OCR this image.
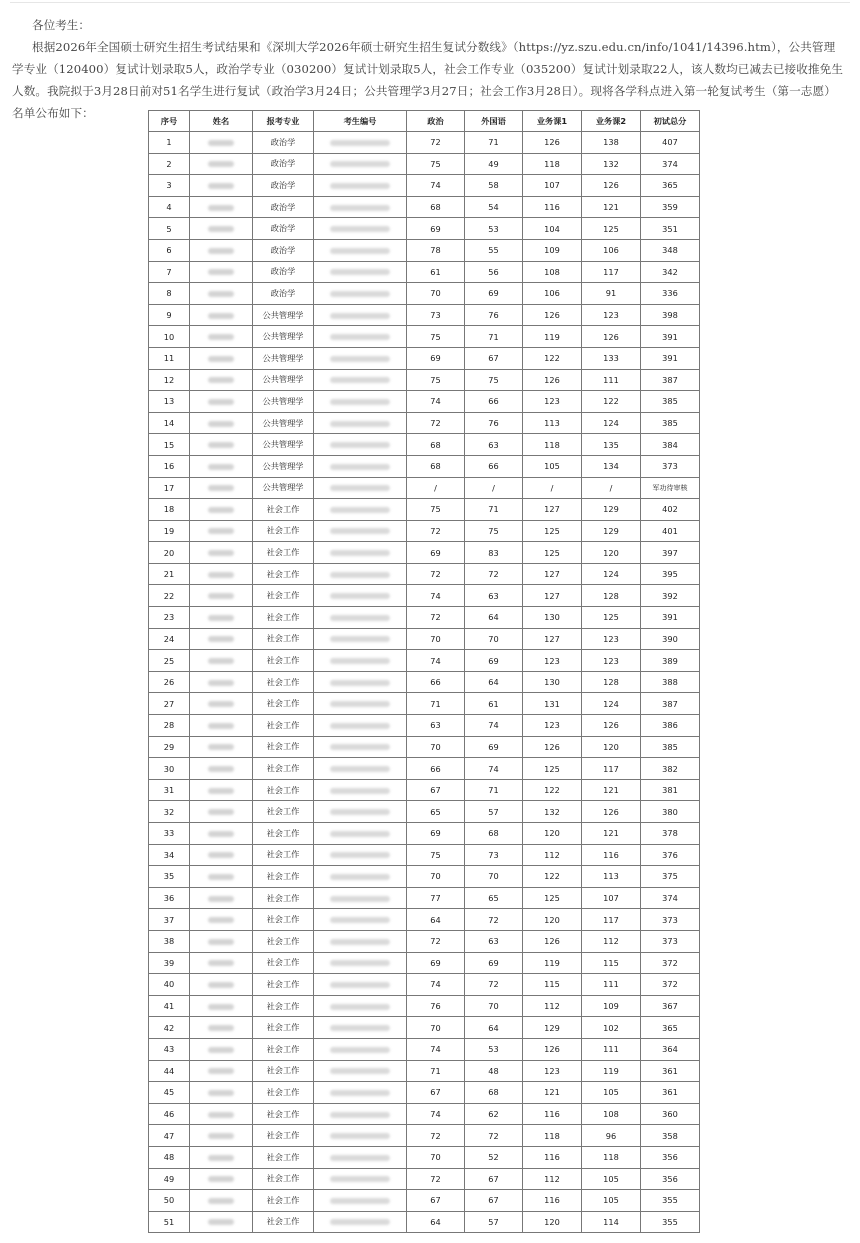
各位考生：

根据2026年全国硕士研究生招生考试结果和《深圳大学2026年硕士研究生招生复试分数线》（https://yz.szu.edu.cn/info/1041/14396.htm），公共管理学专业（120400）复试计划录取5人，政治学专业（030200）复试计划录取5人，社会工作专业（035200）复试计划录取22人，该人数均已减去已接收推免生人数。我院拟于3月28日前对51名学生进行复试（政治学3月24日；公共管理学3月27日；社会工作3月28日）。现将各学科点进入第一轮复试考生（第一志愿）名单公布如下：

序号	姓名	报考专业	考生编号	政治	外国语	业务课1	业务课2	初试总分
1		政治学		72	71	126	138	407
2		政治学		75	49	118	132	374
3		政治学		74	58	107	126	365
4		政治学		68	54	116	121	359
5		政治学		69	53	104	125	351
6		政治学		78	55	109	106	348
7		政治学		61	56	108	117	342
8		政治学		70	69	106	91	336
9		公共管理学		73	76	126	123	398
10		公共管理学		75	71	119	126	391
11		公共管理学		69	67	122	133	391
12		公共管理学		75	75	126	111	387
13		公共管理学		74	66	123	122	385
14		公共管理学		72	76	113	124	385
15		公共管理学		68	63	118	135	384
16		公共管理学		68	66	105	134	373
17		公共管理学		/	/	/	/	军功待审核
18		社会工作		75	71	127	129	402
19		社会工作		72	75	125	129	401
20		社会工作		69	83	125	120	397
21		社会工作		72	72	127	124	395
22		社会工作		74	63	127	128	392
23		社会工作		72	64	130	125	391
24		社会工作		70	70	127	123	390
25		社会工作		74	69	123	123	389
26		社会工作		66	64	130	128	388
27		社会工作		71	61	131	124	387
28		社会工作		63	74	123	126	386
29		社会工作		70	69	126	120	385
30		社会工作		66	74	125	117	382
31		社会工作		67	71	122	121	381
32		社会工作		65	57	132	126	380
33		社会工作		69	68	120	121	378
34		社会工作		75	73	112	116	376
35		社会工作		70	70	122	113	375
36		社会工作		77	65	125	107	374
37		社会工作		64	72	120	117	373
38		社会工作		72	63	126	112	373
39		社会工作		69	69	119	115	372
40		社会工作		74	72	115	111	372
41		社会工作		76	70	112	109	367
42		社会工作		70	64	129	102	365
43		社会工作		74	53	126	111	364
44		社会工作		71	48	123	119	361
45		社会工作		67	68	121	105	361
46		社会工作		74	62	116	108	360
47		社会工作		72	72	118	96	358
48		社会工作		70	52	116	118	356
49		社会工作		72	67	112	105	356
50		社会工作		67	67	116	105	355
51		社会工作		64	57	120	114	355
